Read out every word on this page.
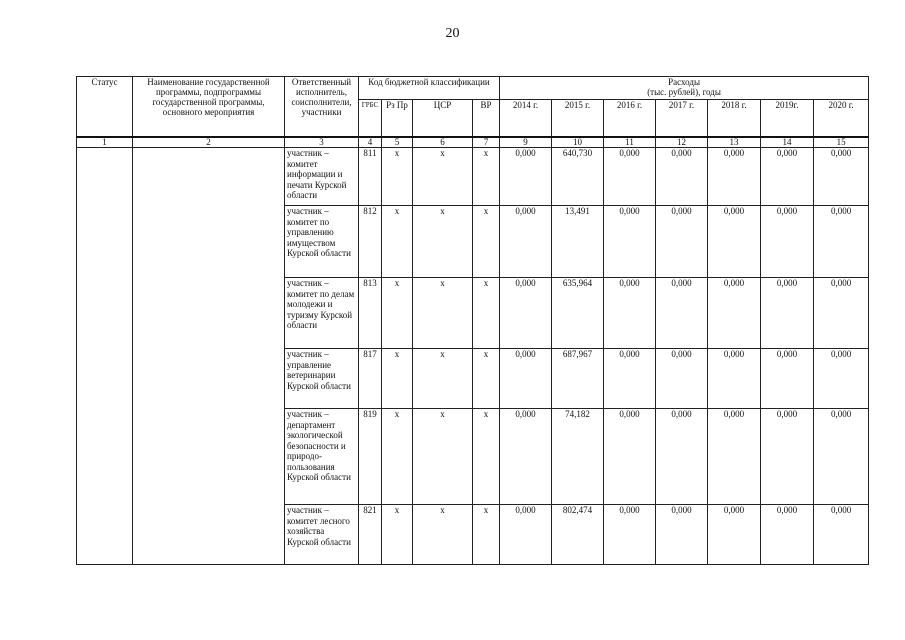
20
Статус	Наименование государственной программы, подпрограммы государственной программы, основного мероприятия	Ответственный исполнитель, соисполнители, участники	Код бюджетной классификации				Расходы
(тыс. рублей), годы						

			ГРБС	Рз Пр	ЦСР	ВР	2014 г.	2015 г.	2016 г.	2017 г.	2018 г.	2019г.	2020 г.
1	2	3	4	5	6	7	9	10	11	12	13	14	15
		участник – комитет информации и печати Курской области	811	х	х	х	0,000	640,730	0,000	0,000	0,000	0,000	0,000
		участник – комитет по управлению имуществом Курской области	812	х	х	х	0,000	13,491	0,000	0,000	0,000	0,000	0,000
		участник – комитет по делам молодежи и туризму Курской области	813	х	х	х	0,000	635,964	0,000	0,000	0,000	0,000	0,000
		участник – управление ветеринарии Курской области	817	х	х	х	0,000	687,967	0,000	0,000	0,000	0,000	0,000
		участник – департамент экологической безопасности и природопользования Курской области	819	х	х	х	0,000	74,182	0,000	0,000	0,000	0,000	0,000
		участник – комитет лесного хозяйства Курской области	821	х	х	х	0,000	802,474	0,000	0,000	0,000	0,000	0,000
